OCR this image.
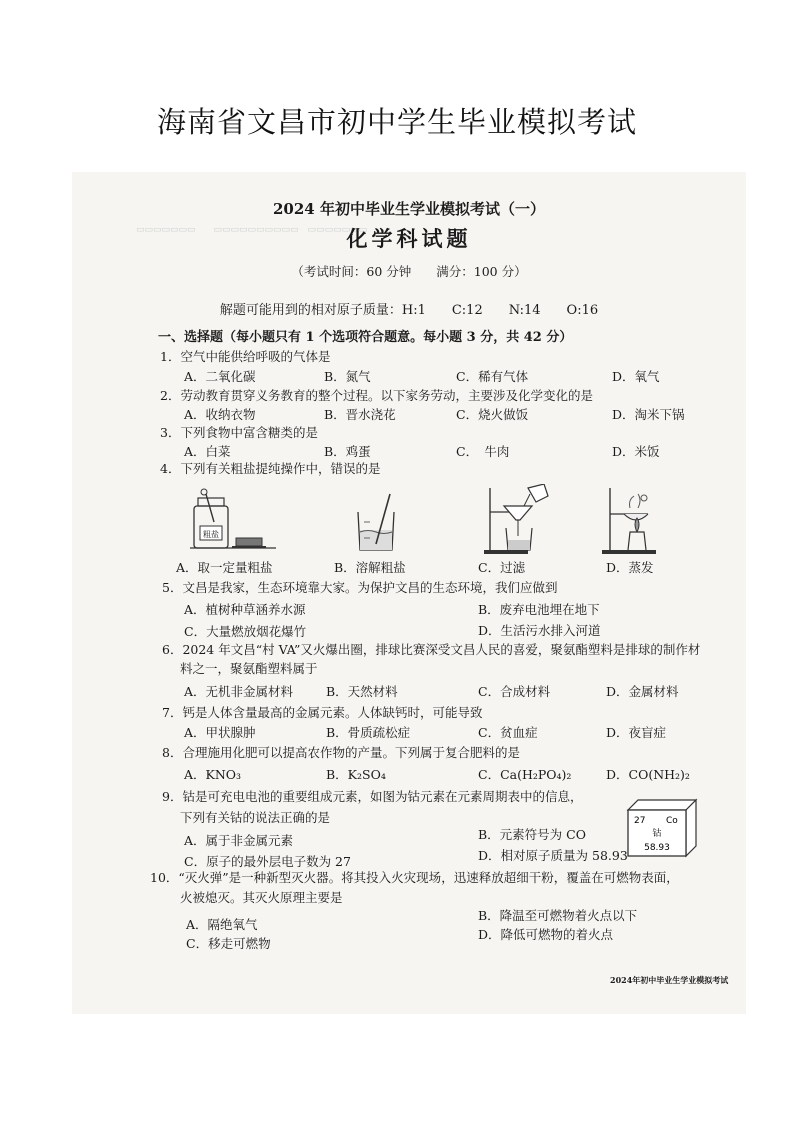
海南省文昌市初中学生毕业模拟考试
▭▭▭▭▭▭▭　　▭▭▭▭▭▭▭▭▭▭　▭▭▭▭▭▭▭
2024 年初中毕业生学业模拟考试（一）
化学科试题
（考试时间：60 分钟　　满分：100 分）
解题可能用到的相对原子质量：H:1　　C:12　　N:14　　O:16
一、选择题（每小题只有 1 个选项符合题意。每小题 3 分，共 42 分）
1．空气中能供给呼吸的气体是
A．二氧化碳	B．氮气	C．稀有气体	D．氧气
2．劳动教育贯穿义务教育的整个过程。以下家务劳动，主要涉及化学变化的是
A．收纳衣物	B．晋水浇花	C．烧火做饭	D．淘米下锅
3．下列食物中富含糖类的是
A．白菜	B．鸡蛋	C．　牛肉	D．米饭
4．下列有关粗盐提纯操作中，错误的是
粗盐
A．取一定量粗盐	B．溶解粗盐	C．过滤	D．蒸发
5．文昌是我家，生态环境靠大家。为保护文昌的生态环境，我们应做到
A．植树种草涵养水源	B．废弃电池埋在地下
C．大量燃放烟花爆竹	D．生活污水排入河道
6．2024 年文昌“村 VA”又火爆出圈，排球比赛深受文昌人民的喜爱，聚氨酯塑料是排球的制作材
料之一，聚氨酯塑料属于
A．无机非金属材料	B．天然材料	C．合成材料	D．金属材料
7．钙是人体含量最高的金属元素。人体缺钙时，可能导致
A．甲状腺肿	B．骨质疏松症	C．贫血症	D．夜盲症
8．合理施用化肥可以提高农作物的产量。下列属于复合肥料的是
A．KNO₃	B．K₂SO₄	C．Ca(H₂PO₄)₂	D．CO(NH₂)₂
9．钴是可充电电池的重要组成元素，如图为钴元素在元素周期表中的信息，
下列有关钴的说法正确的是
A．属于非金属元素	B．元素符号为 CO
C．原子的最外层电子数为 27	D．相对原子质量为 58.93
27 Co
钴
58.93
10．“灭火弹”是一种新型灭火器。将其投入火灾现场，迅速释放超细干粉，覆盖在可燃物表面，
火被熄灭。其灭火原理主要是
A．隔绝氧气
B．降温至可燃物着火点以下
C．移走可燃物
D．降低可燃物的着火点
2024年初中毕业生学业模拟考试
